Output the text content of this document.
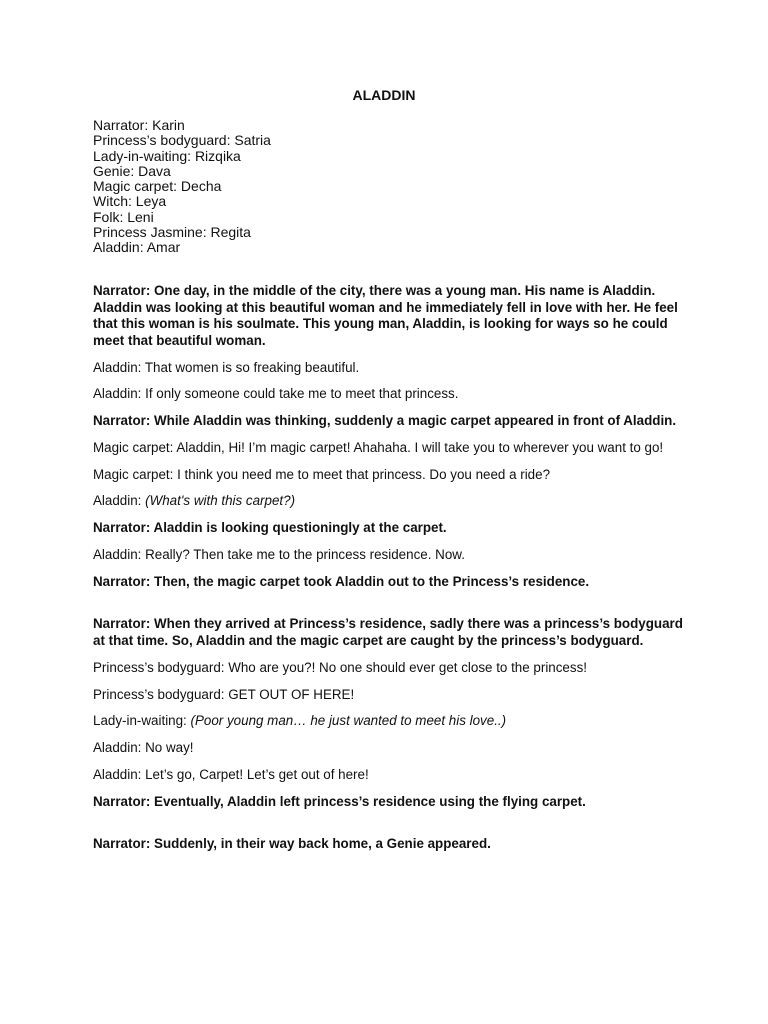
ALADDIN
Narrator: Karin
Princess’s bodyguard: Satria
Lady-in-waiting: Rizqika
Genie: Dava
Magic carpet: Decha
Witch: Leya
Folk: Leni
Princess Jasmine: Regita
Aladdin: Amar

Narrator: One day, in the middle of the city, there was a young man. His name is Aladdin. Aladdin was looking at this beautiful woman and he immediately fell in love with her. He feel that this woman is his soulmate. This young man, Aladdin, is looking for ways so he could meet that beautiful woman.

Aladdin: That women is so freaking beautiful.

Aladdin: If only someone could take me to meet that princess.

Narrator: While Aladdin was thinking, suddenly a magic carpet appeared in front of Aladdin.

Magic carpet: Aladdin, Hi! I’m magic carpet! Ahahaha. I will take you to wherever you want to go!

Magic carpet: I think you need me to meet that princess. Do you need a ride?

Aladdin: (What's with this carpet?)

Narrator: Aladdin is looking questioningly at the carpet.

Aladdin: Really? Then take me to the princess residence. Now.

Narrator: Then, the magic carpet took Aladdin out to the Princess’s residence.

Narrator: When they arrived at Princess’s residence, sadly there was a princess’s bodyguard at that time. So, Aladdin and the magic carpet are caught by the princess’s bodyguard.

Princess’s bodyguard: Who are you?! No one should ever get close to the princess!

Princess’s bodyguard: GET OUT OF HERE!

Lady-in-waiting: (Poor young man… he just wanted to meet his love..)

Aladdin: No way!

Aladdin: Let’s go, Carpet! Let’s get out of here!

Narrator: Eventually, Aladdin left princess’s residence using the flying carpet.

Narrator: Suddenly, in their way back home, a Genie appeared.
